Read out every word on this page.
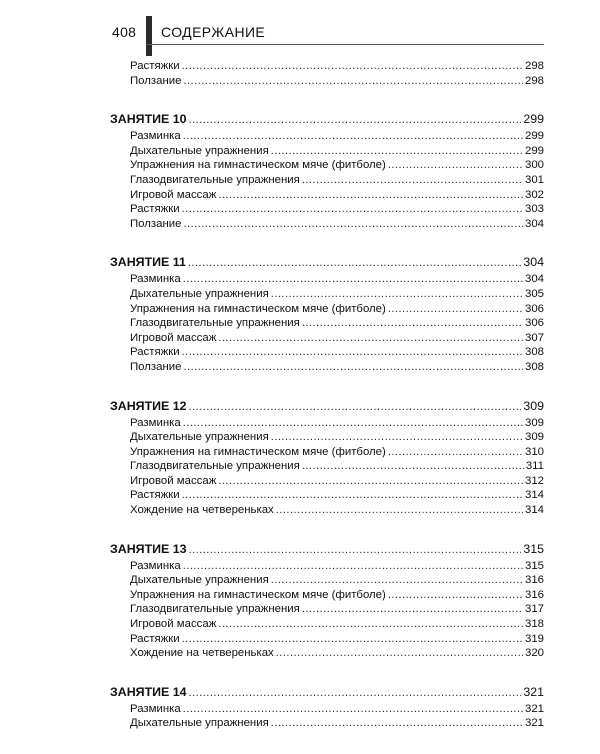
408 СОДЕРЖАНИЕ
Растяжки .....	298
Ползание .....	298
ЗАНЯТИЕ 10 .....	299
Разминка .....	299
Дыхательные упражнения .....	299
Упражнения на гимнастическом мяче (фитболе) .....	300
Глазодвигательные упражнения .....	301
Игровой массаж .....	302
Растяжки .....	303
Ползание .....	304
ЗАНЯТИЕ 11 .....	304
Разминка .....	304
Дыхательные упражнения .....	305
Упражнения на гимнастическом мяче (фитболе) .....	306
Глазодвигательные упражнения .....	306
Игровой массаж .....	307
Растяжки .....	308
Ползание .....	308
ЗАНЯТИЕ 12 .....	309
Разминка .....	309
Дыхательные упражнения .....	309
Упражнения на гимнастическом мяче (фитболе) .....	310
Глазодвигательные упражнения .....	311
Игровой массаж .....	312
Растяжки .....	314
Хождение на четвереньках .....	314
ЗАНЯТИЕ 13 .....	315
Разминка .....	315
Дыхательные упражнения .....	316
Упражнения на гимнастическом мяче (фитболе) .....	316
Глазодвигательные упражнения .....	317
Игровой массаж .....	318
Растяжки .....	319
Хождение на четвереньках .....	320
ЗАНЯТИЕ 14 .....	321
Разминка .....	321
Дыхательные упражнения .....	321
